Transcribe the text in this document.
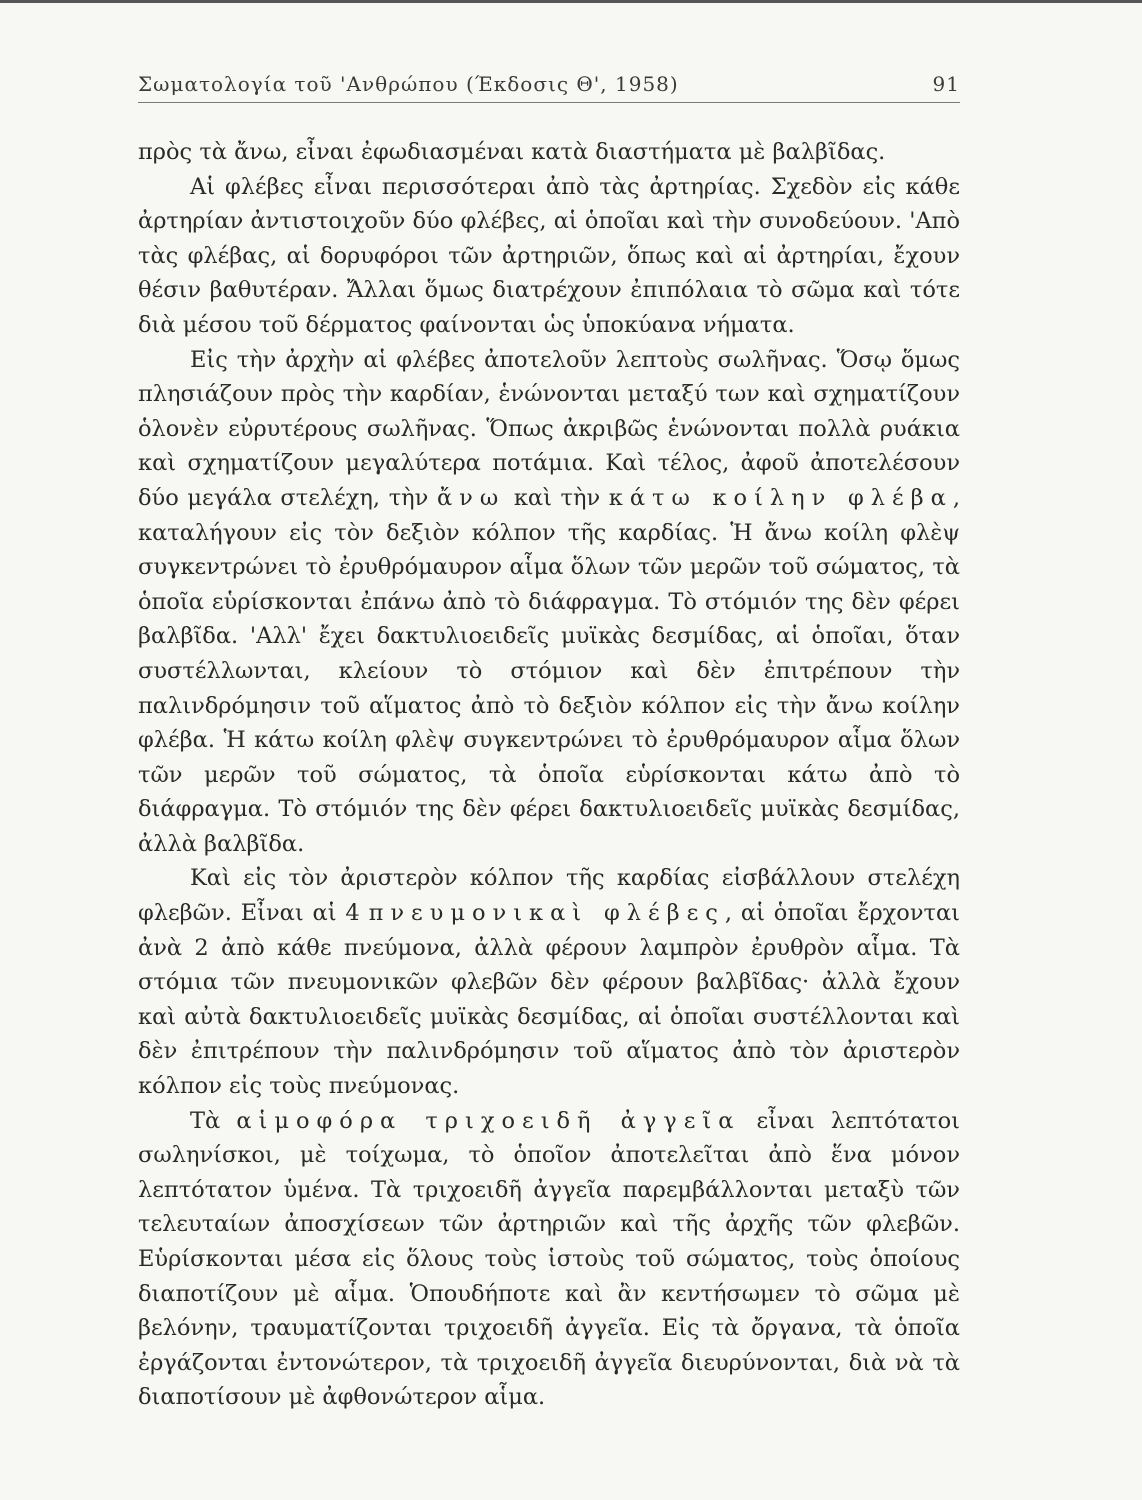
Σωματολογία τοῦ 'Ανθρώπου (Έκδοσις Θ', 1958)	91

πρὸς τὰ ἄνω, εἶναι ἐφωδιασμέναι κατὰ διαστήματα μὲ βαλβῖδας.

Αἱ φλέβες εἶναι περισσότεραι ἀπὸ τὰς ἀρτηρίας. Σχεδὸν εἰς κάθε ἀρτηρίαν ἀντιστοιχοῦν δύο φλέβες, αἱ ὁποῖαι καὶ τὴν συνοδεύουν. 'Απὸ τὰς φλέβας, αἱ δορυφόροι τῶν ἀρτηριῶν, ὅπως καὶ αἱ ἀρτηρίαι, ἔχουν θέσιν βαθυτέραν. Ἄλλαι ὅμως διατρέχουν ἐπιπόλαια τὸ σῶμα καὶ τότε διὰ μέσου τοῦ δέρματος φαίνονται ὡς ὑποκύανα νήματα.

Εἰς τὴν ἀρχὴν αἱ φλέβες ἀποτελοῦν λεπτοὺς σωλῆνας. Ὅσῳ ὅμως πλησιάζουν πρὸς τὴν καρδίαν, ἑνώνονται μεταξύ των καὶ σχηματίζουν ὁλονὲν εὐρυτέρους σωλῆνας. Ὅπως ἀκριβῶς ἑνώνονται πολλὰ ρυάκια καὶ σχηματίζουν μεγαλύτερα ποτάμια. Καὶ τέλος, ἀφοῦ ἀποτελέσουν δύο μεγάλα στελέχη, τὴν ἄνω καὶ τὴν κάτω κοίλην φλέβα, καταλήγουν εἰς τὸν δεξιὸν κόλπον τῆς καρδίας. Ἡ ἄνω κοίλη φλὲψ συγκεντρώνει τὸ ἐρυθρόμαυρον αἷμα ὅλων τῶν μερῶν τοῦ σώματος, τὰ ὁποῖα εὑρίσκονται ἐπάνω ἀπὸ τὸ διάφραγμα. Τὸ στόμιόν της δὲν φέρει βαλβῖδα. 'Αλλ' ἔχει δακτυλιοειδεῖς μυϊκὰς δεσμίδας, αἱ ὁποῖαι, ὅταν συστέλλωνται, κλείουν τὸ στόμιον καὶ δὲν ἐπιτρέπουν τὴν παλινδρόμησιν τοῦ αἵματος ἀπὸ τὸ δεξιὸν κόλπον εἰς τὴν ἄνω κοίλην φλέβα. Ἡ κάτω κοίλη φλὲψ συγκεντρώνει τὸ ἐρυθρόμαυρον αἷμα ὅλων τῶν μερῶν τοῦ σώματος, τὰ ὁποῖα εὑρίσκονται κάτω ἀπὸ τὸ διάφραγμα. Τὸ στόμιόν της δὲν φέρει δακτυλιοειδεῖς μυϊκὰς δεσμίδας, ἀλλὰ βαλβῖδα.

Καὶ εἰς τὸν ἀριστερὸν κόλπον τῆς καρδίας εἰσβάλλουν στελέχη φλεβῶν. Εἶναι αἱ 4 πνευμονικαὶ φλέβες, αἱ ὁποῖαι ἔρχονται ἀνὰ 2 ἀπὸ κάθε πνεύμονα, ἀλλὰ φέρουν λαμπρὸν ἐρυθρὸν αἷμα. Τὰ στόμια τῶν πνευμονικῶν φλεβῶν δὲν φέρουν βαλβῖδας· ἀλλὰ ἔχουν καὶ αὐτὰ δακτυλιοειδεῖς μυϊκὰς δεσμίδας, αἱ ὁποῖαι συστέλλονται καὶ δὲν ἐπιτρέπουν τὴν παλινδρόμησιν τοῦ αἵματος ἀπὸ τὸν ἀριστερὸν κόλπον εἰς τοὺς πνεύμονας.

Τὰ αἱμοφόρα τριχοειδῆ ἀγγεῖα εἶναι λεπτότατοι σωληνίσκοι, μὲ τοίχωμα, τὸ ὁποῖον ἀποτελεῖται ἀπὸ ἕνα μόνον λεπτότατον ὑμένα. Τὰ τριχοειδῆ ἀγγεῖα παρεμβάλλονται μεταξὺ τῶν τελευταίων ἀποσχίσεων τῶν ἀρτηριῶν καὶ τῆς ἀρχῆς τῶν φλεβῶν. Εὑρίσκονται μέσα εἰς ὅλους τοὺς ἱστοὺς τοῦ σώματος, τοὺς ὁποίους διαποτίζουν μὲ αἷμα. Ὁπουδήποτε καὶ ἂν κεντήσωμεν τὸ σῶμα μὲ βελόνην, τραυματίζονται τριχοειδῆ ἀγγεῖα. Εἰς τὰ ὄργανα, τὰ ὁποῖα ἐργάζονται ἐντονώτερον, τὰ τριχοειδῆ ἀγγεῖα διευρύνονται, διὰ νὰ τὰ διαποτίσουν μὲ ἀφθονώτερον αἷμα.
